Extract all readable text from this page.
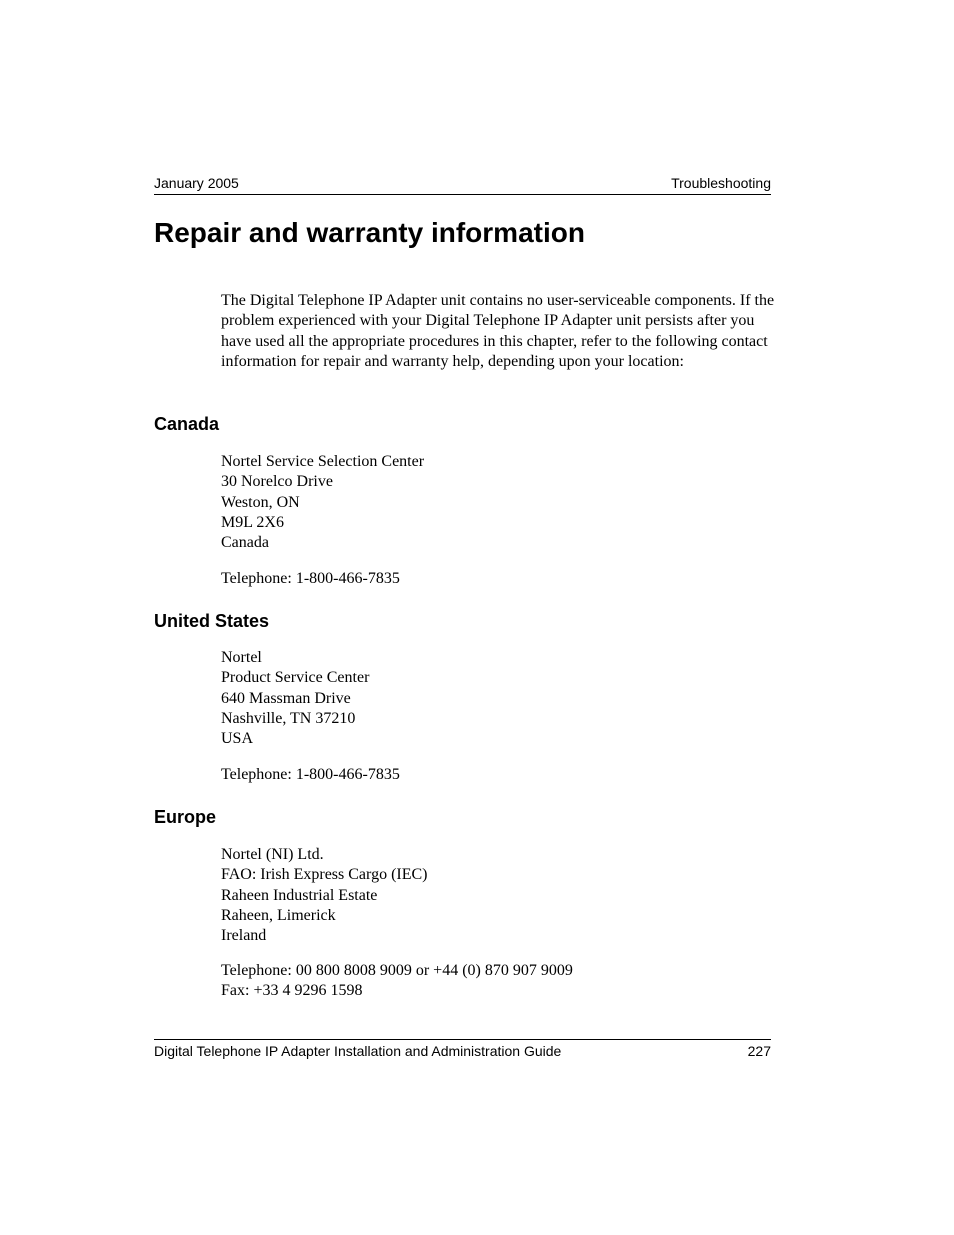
January 2005	Troubleshooting
Repair and warranty information

The Digital Telephone IP Adapter unit contains no user-serviceable components. If the problem experienced with your Digital Telephone IP Adapter unit persists after you have used all the appropriate procedures in this chapter, refer to the following contact information for repair and warranty help, depending upon your location:

Canada
Nortel Service Selection Center
30 Norelco Drive
Weston, ON
M9L 2X6
Canada
Telephone: 1-800-466-7835
United States
Nortel
Product Service Center
640 Massman Drive
Nashville, TN 37210
USA
Telephone: 1-800-466-7835
Europe
Nortel (NI) Ltd.
FAO: Irish Express Cargo (IEC)
Raheen Industrial Estate
Raheen, Limerick
Ireland
Telephone: 00 800 8008 9009 or +44 (0) 870 907 9009
Fax: +33 4 9296 1598
Digital Telephone IP Adapter Installation and Administration Guide	227
